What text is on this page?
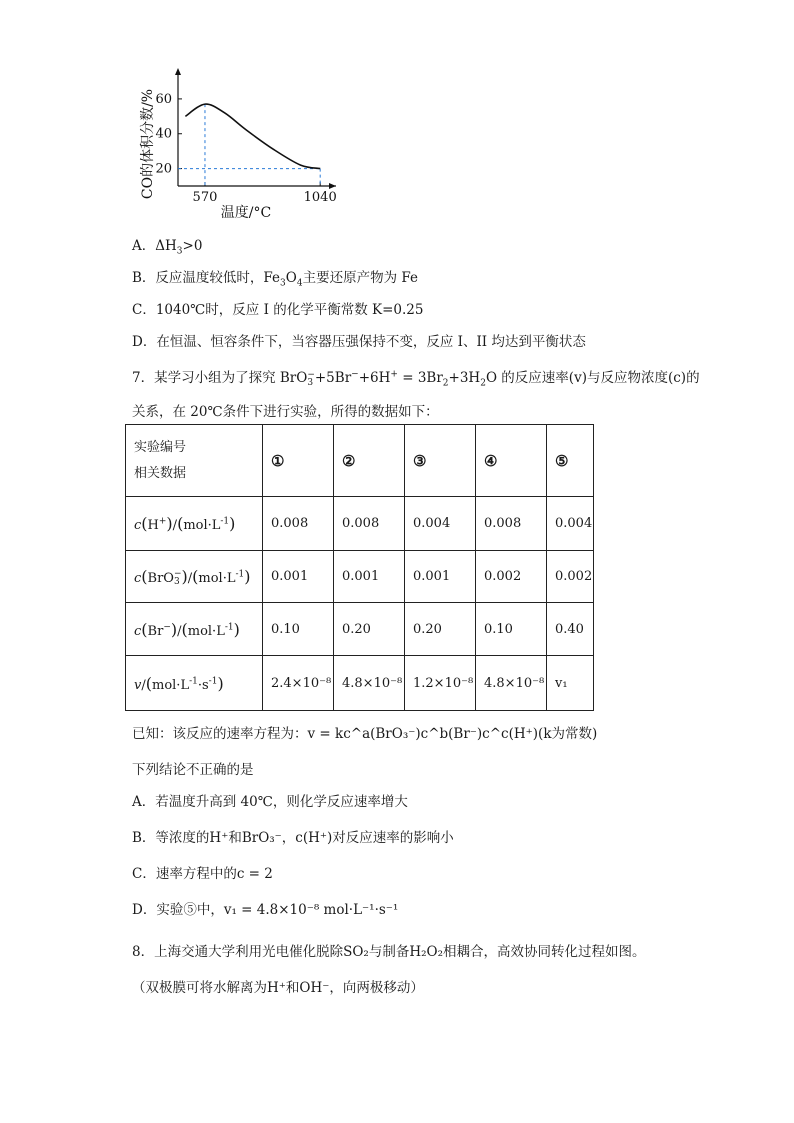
20
40
60
570	1040
温度/°C
CO的体积分数/%
A．$\Delta H_3>0$
B．反应温度较低时，$Fe_3O_4$主要还原产物为 Fe
C．1040℃时，反应 I 的化学平衡常数 K=0.25
D．在恒温、恒容条件下，当容器压强保持不变，反应 I、II 均达到平衡状态
7．某学习小组为了探究 BrO−
$3 +5Br^-+6H^+ = 3Br_2+3H_2O$ 的反应速率(v)与反应物浓度(c)的
关系，在 20℃条件下进行实验，所得的数据如下：
实验编号
相关数据	①	②	③	④	⑤
$c(H^+)/(mol\cdot L^{-1})$	0.008	0.008	0.004	0.008	0.004
c(BrO−
3 )$/(mol\cdot L^{-1})$	0.001	0.001	0.001	0.002	0.002
$c(Br^-)/(mol\cdot L^{-1})$	0.10	0.20	0.20	0.10	0.40
$v/(mol\cdot L^{-1}\cdot s^{-1})$	2.4×10⁻⁸	4.8×10⁻⁸	1.2×10⁻⁸	4.8×10⁻⁸	v₁
已知：该反应的速率方程为：v = kc^a(BrO₃⁻)c^b(Br⁻)c^c(H⁺)(k为常数)
下列结论不正确的是
A．若温度升高到 40℃，则化学反应速率增大
B．等浓度的H⁺和BrO₃⁻，c(H⁺)对反应速率的影响小
C．速率方程中的c = 2
D．实验⑤中，v₁ = 4.8×10⁻⁸ mol·L⁻¹·s⁻¹
8．上海交通大学利用光电催化脱除SO₂与制备H₂O₂相耦合，高效协同转化过程如图。
（双极膜可将水解离为H⁺和OH⁻，向两极移动）
